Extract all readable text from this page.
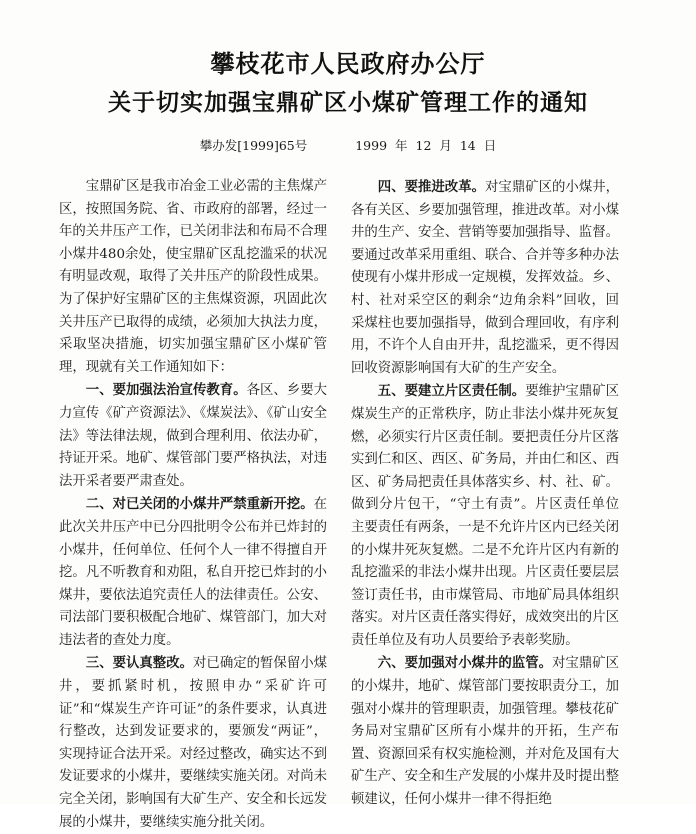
攀枝花市人民政府办公厅
关于切实加强宝鼎矿区小煤矿管理工作的通知
攀办发[1999]65号	1999 年 12 月 14 日

宝鼎矿区是我市冶金工业必需的主焦煤产区，按照国务院、省、市政府的部署，经过一年的关井压产工作，已关闭非法和布局不合理小煤井480余处，使宝鼎矿区乱挖滥采的状况有明显改观，取得了关井压产的阶段性成果。为了保护好宝鼎矿区的主焦煤资源，巩固此次关井压产已取得的成绩，必须加大执法力度，采取坚决措施，切实加强宝鼎矿区小煤矿管理，现就有关工作通知如下：

一、要加强法治宣传教育。各区、乡要大力宣传《矿产资源法》、《煤炭法》、《矿山安全法》等法律法规，做到合理利用、依法办矿，持证开采。地矿、煤管部门要严格执法，对违法开采者要严肃查处。

二、对已关闭的小煤井严禁重新开挖。在此次关井压产中已分四批明令公布并已炸封的小煤井，任何单位、任何个人一律不得擅自开挖。凡不听教育和劝阻，私自开挖已炸封的小煤井，要依法追究责任人的法律责任。公安、司法部门要积极配合地矿、煤管部门，加大对违法者的查处力度。

三、要认真整改。对已确定的暂保留小煤井，要抓紧时机，按照申办“采矿许可证”和“煤炭生产许可证”的条件要求，认真进行整改，达到发证要求的，要颁发“两证”，实现持证合法开采。对经过整改，确实达不到发证要求的小煤井，要继续实施关闭。对尚未完全关闭，影响国有大矿生产、安全和长远发展的小煤井，要继续实施分批关闭。

四、要推进改革。对宝鼎矿区的小煤井，各有关区、乡要加强管理，推进改革。对小煤井的生产、安全、营销等要加强指导、监督。要通过改革采用重组、联合、合并等多种办法使现有小煤井形成一定规模，发挥效益。乡、村、社对采空区的剩余“边角余料”回收，回采煤柱也要加强指导，做到合理回收，有序利用，不许个人自由开井，乱挖滥采，更不得因回收资源影响国有大矿的生产安全。

五、要建立片区责任制。要维护宝鼎矿区煤炭生产的正常秩序，防止非法小煤井死灰复燃，必须实行片区责任制。要把责任分片区落实到仁和区、西区、矿务局，并由仁和区、西区、矿务局把责任具体落实乡、村、社、矿。做到分片包干，“守土有责”。片区责任单位主要责任有两条，一是不允许片区内已经关闭的小煤井死灰复燃。二是不允许片区内有新的乱挖滥采的非法小煤井出现。片区责任要层层签订责任书，由市煤管局、市地矿局具体组织落实。对片区责任落实得好，成效突出的片区责任单位及有功人员要给予表彰奖励。

六、要加强对小煤井的监管。对宝鼎矿区的小煤井，地矿、煤管部门要按职责分工，加强对小煤井的管理职责，加强管理。攀枝花矿务局对宝鼎矿区所有小煤井的开拓，生产布置、资源回采有权实施检测，并对危及国有大矿生产、安全和生产发展的小煤井及时提出整顿建议，任何小煤井一律不得拒绝
